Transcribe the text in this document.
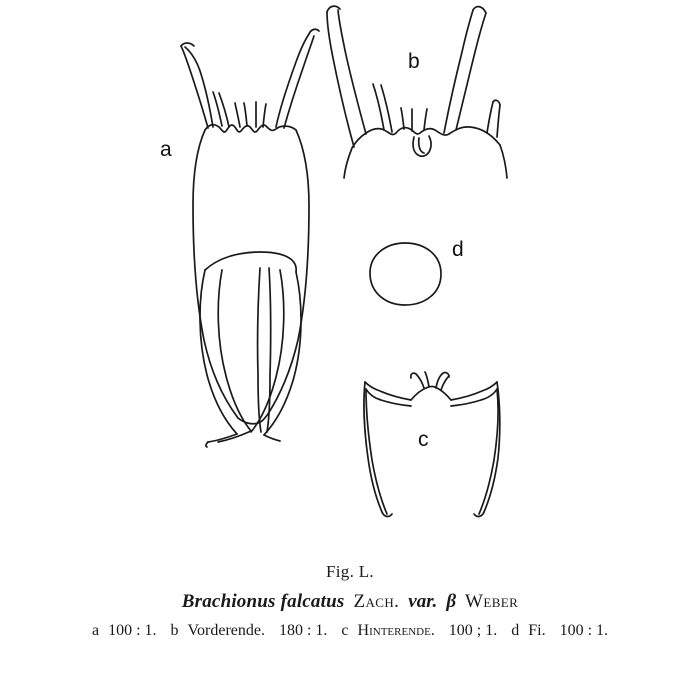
a
b
c
d
Fig. L.
Brachionus falcatus Zach. var. β Weber
a 100 : 1. b Vorderende. 180 : 1. c Hinterende. 100 ; 1. d Fi. 100 : 1.
